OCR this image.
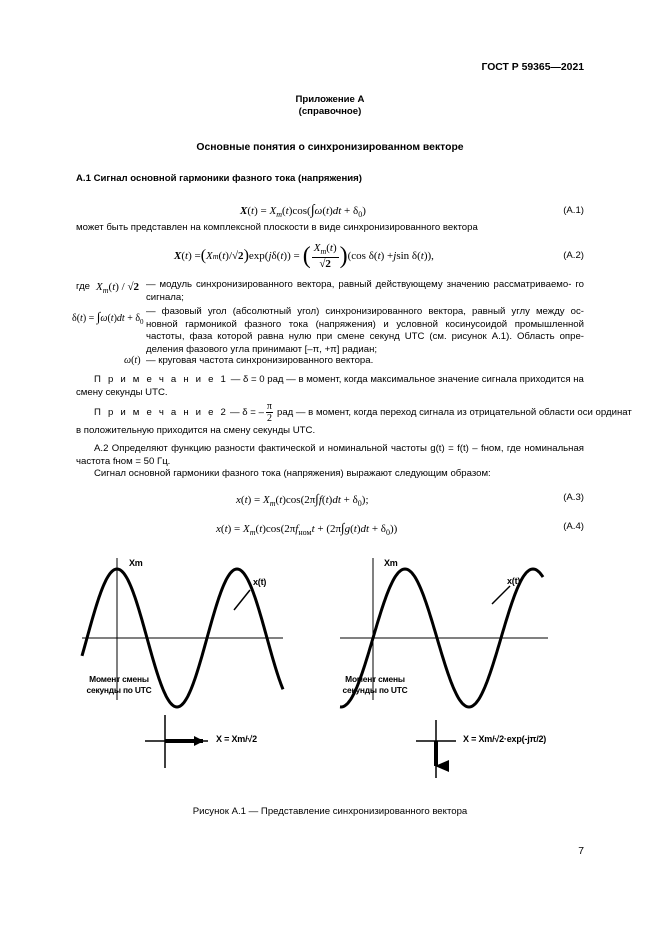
ГОСТ Р 59365—2021
Приложение А
(справочное)
Основные понятия о синхронизированном векторе
А.1 Сигнал основной гармоники фазного тока (напряжения)
$X(t) = X_m(t)\cos(\int\omega(t)dt + \delta_0)$	(А.1)
может быть представлен на комплексной плоскости в виде синхронизированного вектора
X ( t ) = ( X m ( t )/ √2 ) exp( j δ( t )) = ( $X_m(t)$
√2 ) (cos δ( t ) + j sin δ( t )),	(А.2)
где $X_m(t) / √2$ — модуль синхронизированного вектора, равный действующему значению рассматриваемо- го сигнала;
$\delta(t) = \int\omega(t)dt + \delta_0$
— фазовый угол (абсолютный угол) синхронизированного вектора, равный углу между ос- новной гармоникой фазного тока (напряжения) и условной косинусоидой промышленной частоты, фаза которой равна нулю при смене секунд UTC (см. рисунок А.1). Область опре- деления фазового угла принимают [–π, +π] радиан;
ω(t) — круговая частота синхронизированного вектора.
П р и м е ч а н и е 1 — δ = 0 рад — в момент, когда максимальное значение сигнала приходится на смену секунды UTC.
П р и м е ч а н и е 2 — δ = –
π
2
рад — в момент, когда переход сигнала из отрицательной области оси ординат
в положительную приходится на смену секунды UTC.
А.2 Определяют функцию разности фактической и номинальной частоты g(t) = f(t) – fном, где номинальная частота fном = 50 Гц.
Сигнал основной гармоники фазного тока (напряжения) выражают следующим образом:
$x(t) = X_m(t)\cos(2\pi\int f(t)dt + \delta_0)$;	(А.3)
$x(t) = X_m(t)\cos(2\pi f_{ном}t + (2\pi\int g(t)dt + \delta_0))$	(А.4)
Xm
x(t)
Момент смены
секунды по UTC
X = Xm/√2
Xm
x(t)
Момент смены
секунды по UTC
X = Xm/√2·exp(-jπ/2)
Рисунок А.1 — Представление синхронизированного вектора
7
